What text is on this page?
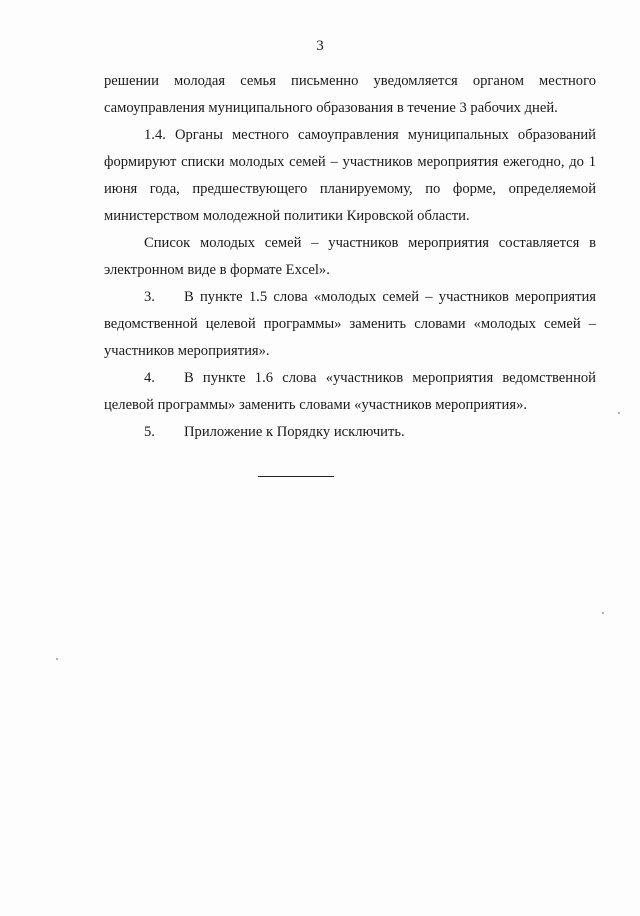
3

решении молодая семья письменно уведомляется органом местного самоуправления муниципального образования в течение 3 рабочих дней.

1.4. Органы местного самоуправления муниципальных образований формируют списки молодых семей – участников мероприятия ежегодно, до 1 июня года, предшествующего планируемому, по форме, определяемой министерством молодежной политики Кировской области.

Список молодых семей – участников мероприятия составляется в электронном виде в формате Excel».

3. В пункте 1.5 слова «молодых семей – участников мероприятия ведомственной целевой программы» заменить словами «молодых семей – участников мероприятия».

4. В пункте 1.6 слова «участников мероприятия ведомственной целевой программы» заменить словами «участников мероприятия».

5. Приложение к Порядку исключить.
